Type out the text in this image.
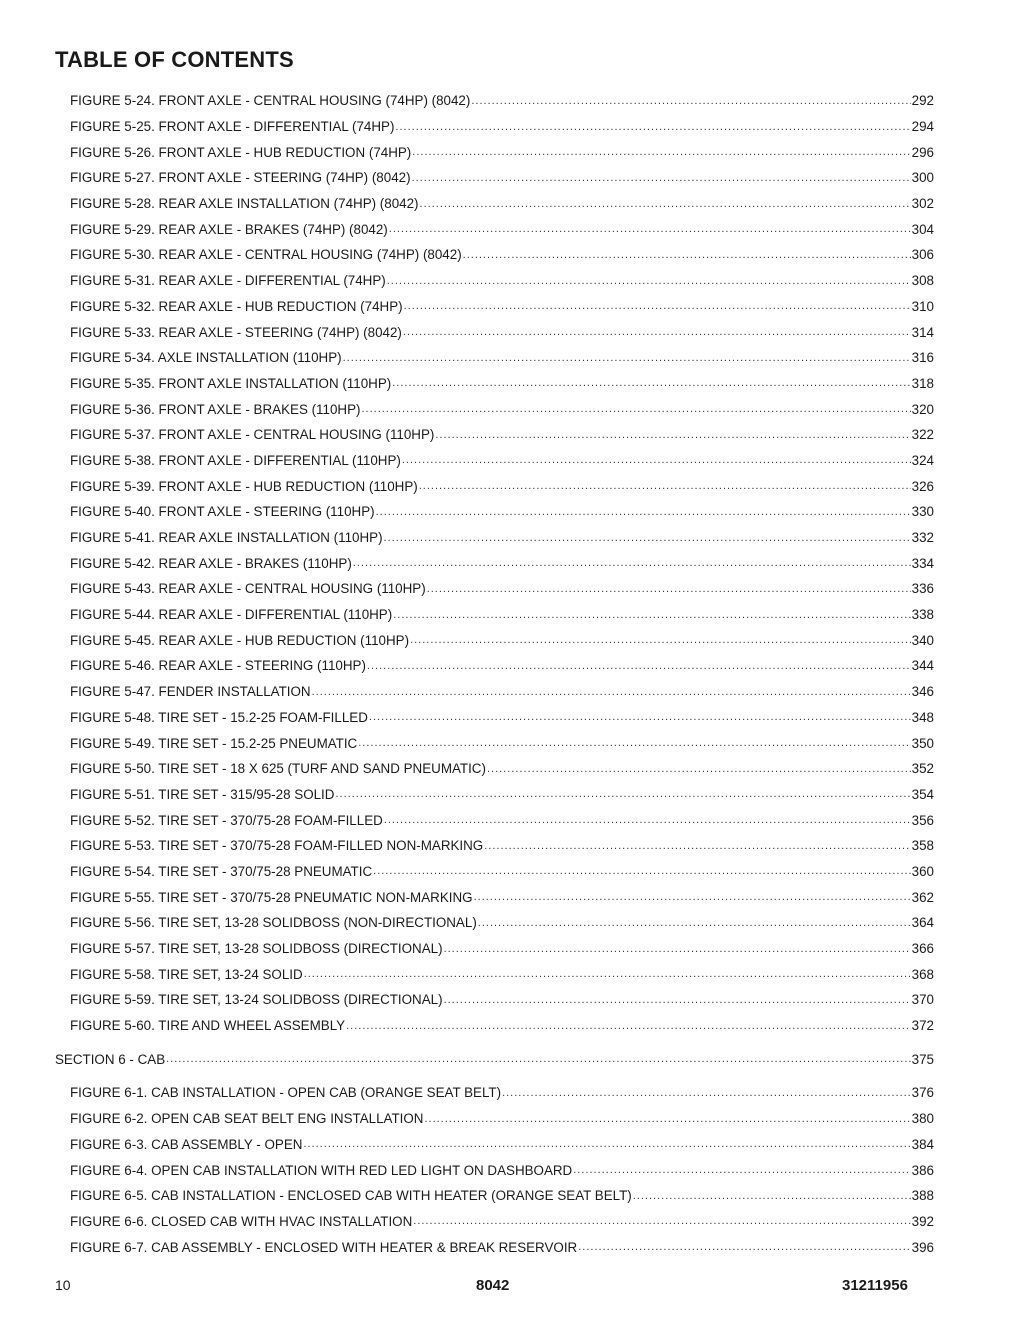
TABLE OF CONTENTS
FIGURE 5-24. FRONT AXLE - CENTRAL HOUSING (74HP) (8042) .....	292
FIGURE 5-25. FRONT AXLE - DIFFERENTIAL (74HP) .....	294
FIGURE 5-26. FRONT AXLE - HUB REDUCTION (74HP) .....	296
FIGURE 5-27. FRONT AXLE - STEERING (74HP) (8042) .....	300
FIGURE 5-28. REAR AXLE INSTALLATION (74HP) (8042) .....	302
FIGURE 5-29. REAR AXLE - BRAKES (74HP) (8042) .....	304
FIGURE 5-30. REAR AXLE - CENTRAL HOUSING (74HP) (8042) .....	306
FIGURE 5-31. REAR AXLE - DIFFERENTIAL (74HP) .....	308
FIGURE 5-32. REAR AXLE - HUB REDUCTION (74HP) .....	310
FIGURE 5-33. REAR AXLE - STEERING (74HP) (8042) .....	314
FIGURE 5-34. AXLE INSTALLATION (110HP) .....	316
FIGURE 5-35. FRONT AXLE INSTALLATION (110HP) .....	318
FIGURE 5-36. FRONT AXLE - BRAKES (110HP) .....	320
FIGURE 5-37. FRONT AXLE - CENTRAL HOUSING (110HP) .....	322
FIGURE 5-38. FRONT AXLE - DIFFERENTIAL (110HP) .....	324
FIGURE 5-39. FRONT AXLE - HUB REDUCTION (110HP) .....	326
FIGURE 5-40. FRONT AXLE - STEERING (110HP) .....	330
FIGURE 5-41. REAR AXLE INSTALLATION (110HP) .....	332
FIGURE 5-42. REAR AXLE - BRAKES (110HP) .....	334
FIGURE 5-43. REAR AXLE - CENTRAL HOUSING (110HP) .....	336
FIGURE 5-44. REAR AXLE - DIFFERENTIAL (110HP) .....	338
FIGURE 5-45. REAR AXLE - HUB REDUCTION (110HP) .....	340
FIGURE 5-46. REAR AXLE - STEERING (110HP) .....	344
FIGURE 5-47. FENDER INSTALLATION .....	346
FIGURE 5-48. TIRE SET - 15.2-25 FOAM-FILLED .....	348
FIGURE 5-49. TIRE SET - 15.2-25 PNEUMATIC .....	350
FIGURE 5-50. TIRE SET - 18 X 625 (TURF AND SAND PNEUMATIC) .....	352
FIGURE 5-51. TIRE SET - 315/95-28 SOLID .....	354
FIGURE 5-52. TIRE SET - 370/75-28 FOAM-FILLED .....	356
FIGURE 5-53. TIRE SET - 370/75-28 FOAM-FILLED NON-MARKING .....	358
FIGURE 5-54. TIRE SET - 370/75-28 PNEUMATIC .....	360
FIGURE 5-55. TIRE SET - 370/75-28 PNEUMATIC NON-MARKING .....	362
FIGURE 5-56. TIRE SET, 13-28 SOLIDBOSS (NON-DIRECTIONAL) .....	364
FIGURE 5-57. TIRE SET, 13-28 SOLIDBOSS (DIRECTIONAL) .....	366
FIGURE 5-58. TIRE SET, 13-24 SOLID .....	368
FIGURE 5-59. TIRE SET, 13-24 SOLIDBOSS (DIRECTIONAL) .....	370
FIGURE 5-60. TIRE AND WHEEL ASSEMBLY .....	372
SECTION 6 - CAB .....	375
FIGURE 6-1. CAB INSTALLATION - OPEN CAB (ORANGE SEAT BELT) .....	376
FIGURE 6-2. OPEN CAB SEAT BELT ENG INSTALLATION .....	380
FIGURE 6-3. CAB ASSEMBLY - OPEN .....	384
FIGURE 6-4. OPEN CAB INSTALLATION WITH RED LED LIGHT ON DASHBOARD .....	386
FIGURE 6-5. CAB INSTALLATION - ENCLOSED CAB WITH HEATER (ORANGE SEAT BELT) .....	388
FIGURE 6-6. CLOSED CAB WITH HVAC INSTALLATION .....	392
FIGURE 6-7. CAB ASSEMBLY - ENCLOSED WITH HEATER & BREAK RESERVOIR .....	396
10	8042	31211956
